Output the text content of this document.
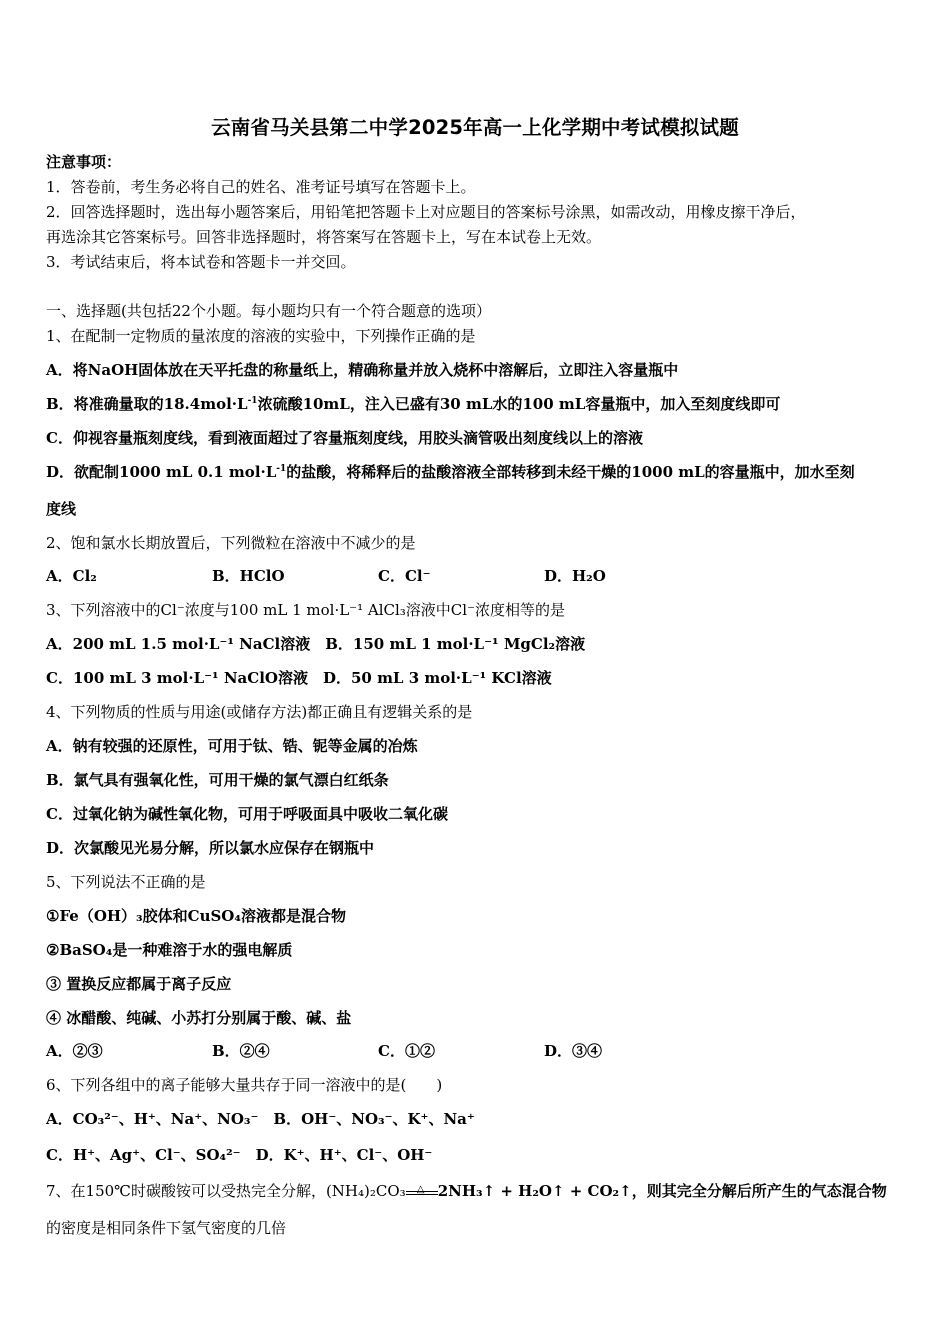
云南省马关县第二中学2025年高一上化学期中考试模拟试题
注意事项：
1．答卷前，考生务必将自己的姓名、准考证号填写在答题卡上。
2．回答选择题时，选出每小题答案后，用铅笔把答题卡上对应题目的答案标号涂黑，如需改动，用橡皮擦干净后，
再选涂其它答案标号。回答非选择题时，将答案写在答题卡上，写在本试卷上无效。
3．考试结束后，将本试卷和答题卡一并交回。
一、选择题(共包括22个小题。每小题均只有一个符合题意的选项）
1、在配制一定物质的量浓度的溶液的实验中，下列操作正确的是
A．将NaOH固体放在天平托盘的称量纸上，精确称量并放入烧杯中溶解后，立即注入容量瓶中
B．将准确量取的$18.4mol\cdot L^{-1}$浓硫酸10mL，注入已盛有30 mL水的100 mL容量瓶中，加入至刻度线即可
C．仰视容量瓶刻度线，看到液面超过了容量瓶刻度线，用胶头滴管吸出刻度线以上的溶液
D．欲配制1000 mL 0.1 $mol\cdot L^{-1}$的盐酸，将稀释后的盐酸溶液全部转移到未经干燥的1000 mL的容量瓶中，加水至刻
度线
2、饱和氯水长期放置后，下列微粒在溶液中不减少的是
A．Cl₂	B．HClO	C．Cl⁻	D．H₂O
3、下列溶液中的Cl⁻浓度与100 mL 1 mol·L⁻¹ AlCl₃溶液中Cl⁻浓度相等的是
A．200 mL 1.5 mol·L⁻¹ NaCl溶液　B．150 mL 1 mol·L⁻¹ MgCl₂溶液
C．100 mL 3 mol·L⁻¹ NaClO溶液　D．50 mL 3 mol·L⁻¹ KCl溶液
4、下列物质的性质与用途(或储存方法)都正确且有逻辑关系的是
A．钠有较强的还原性，可用于钛、锆、铌等金属的冶炼
B．氯气具有强氧化性，可用干燥的氯气漂白红纸条
C．过氧化钠为碱性氧化物，可用于呼吸面具中吸收二氧化碳
D．次氯酸见光易分解，所以氯水应保存在钢瓶中
5、下列说法不正确的是
①Fe（OH）₃胶体和CuSO₄溶液都是混合物
②BaSO₄是一种难溶于水的强电解质
③ 置换反应都属于离子反应
④ 冰醋酸、纯碱、小苏打分别属于酸、碱、盐
A．②③	B．②④	C．①②	D．③④
6、下列各组中的离子能够大量共存于同一溶液中的是(　　)
A．CO₃²⁻、H⁺、Na⁺、NO₃⁻　B．OH⁻、NO₃⁻、K⁺、Na⁺
C．H⁺、Ag⁺、Cl⁻、SO₄²⁻　D．K⁺、H⁺、Cl⁻、OH⁻
7、在150℃时碳酸铵可以受热完全分解，(NH₄)₂CO₃ △ 2NH₃↑ + H₂O↑ + CO₂↑，则其完全分解后所产生的气态混合物
的密度是相同条件下氢气密度的几倍
